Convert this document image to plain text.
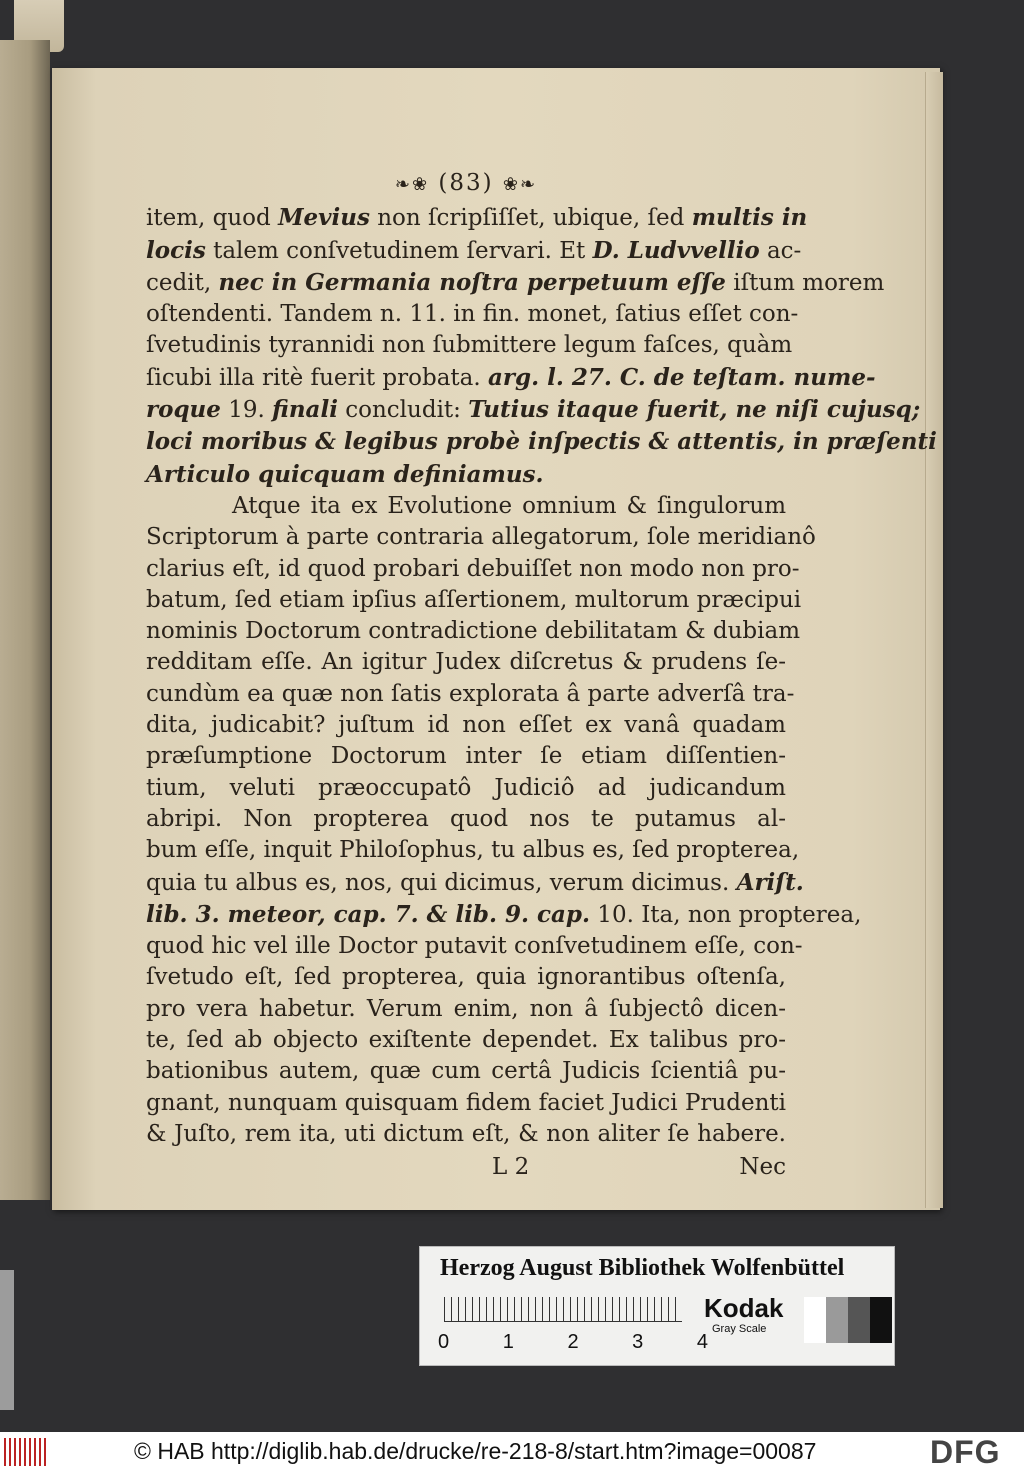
❧❀ (83) ❀❧
item, quod Mevius non ſcripſiſſet, ubique, ſed multis in
locis talem conſvetudinem ſervari. Et D. Ludvvellio ac-
cedit, nec in Germania noſtra perpetuum eſſe iſtum morem
oſtendenti. Tandem n. 11. in fin. monet, ſatius eſſet con-
ſvetudinis tyrannidi non ſubmittere legum faſces, quàm
ſicubi illa ritè fuerit probata. arg. l. 27. C. de teſtam. nume-
roque 19. finali concludit: Tutius itaque fuerit, ne niſi cujusq;
loci moribus & legibus probè inſpectis & attentis, in præſenti
Articulo quicquam definiamus.
Atque ita ex Evolutione omnium & ſingulorum
Scriptorum à parte contraria allegatorum, ſole meridianô
clarius eſt, id quod probari debuiſſet non modo non pro-
batum, ſed etiam ipſius aſſertionem, multorum præcipui
nominis Doctorum contradictione debilitatam & dubiam
redditam eſſe. An igitur Judex diſcretus & prudens ſe-
cundùm ea quæ non ſatis explorata â parte adverſâ tra-
dita, judicabit? juſtum id non eſſet ex vanâ quadam
præſumptione Doctorum inter ſe etiam diſſentien-
tium, veluti præoccupatô Judiciô ad judicandum
abripi. Non propterea quod nos te putamus al-
bum eſſe, inquit Philoſophus, tu albus es, ſed propterea,
quia tu albus es, nos, qui dicimus, verum dicimus. Ariſt.
lib. 3. meteor, cap. 7. & lib. 9. cap. 10. Ita, non propterea,
quod hic vel ille Doctor putavit conſvetudinem eſſe, con-
ſvetudo eſt, ſed propterea, quia ignorantibus oſtenſa,
pro vera habetur. Verum enim, non â ſubjectô dicen-
te, ſed ab objecto exiſtente dependet. Ex talibus pro-
bationibus autem, quæ cum certâ Judicis ſcientiâ pu-
gnant, nunquam quisquam fidem faciet Judici Prudenti
& Juſto, rem ita, uti dictum eſt, & non aliter ſe habere.
L 2	Nec
Herzog August Bibliothek Wolfenbüttel
0	1	2	3	4
Kodak
Gray Scale
© HAB http://diglib.hab.de/drucke/re-218-8/start.htm?image=00087	DFG
